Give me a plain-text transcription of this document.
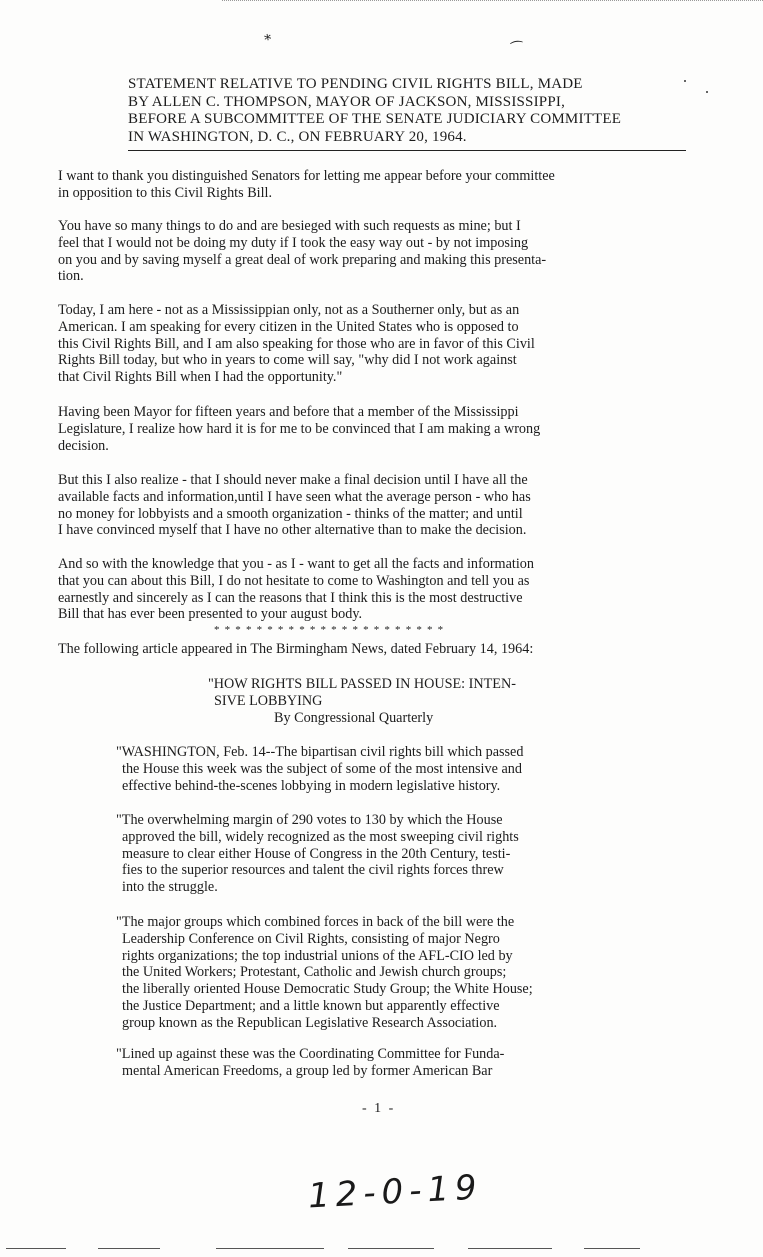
⁎	⁔
STATEMENT RELATIVE TO PENDING CIVIL RIGHTS BILL, MADE
BY ALLEN C. THOMPSON, MAYOR OF JACKSON, MISSISSIPPI,
BEFORE A SUBCOMMITTEE OF THE SENATE JUDICIARY COMMITTEE
IN WASHINGTON, D. C., ON FEBRUARY 20, 1964.
I want to thank you distinguished Senators for letting me appear before your committee
in opposition to this Civil Rights Bill.
You have so many things to do and are besieged with such requests as mine; but I
feel that I would not be doing my duty if I took the easy way out - by not imposing
on you and by saving myself a great deal of work preparing and making this presenta-
tion.
Today, I am here - not as a Mississippian only, not as a Southerner only, but as an
American. I am speaking for every citizen in the United States who is opposed to
this Civil Rights Bill, and I am also speaking for those who are in favor of this Civil
Rights Bill today, but who in years to come will say, "why did I not work against
that Civil Rights Bill when I had the opportunity."
Having been Mayor for fifteen years and before that a member of the Mississippi
Legislature, I realize how hard it is for me to be convinced that I am making a wrong
decision.
But this I also realize - that I should never make a final decision until I have all the
available facts and information,until I have seen what the average person - who has
no money for lobbyists and a smooth organization - thinks of the matter; and until
I have convinced myself that I have no other alternative than to make the decision.
And so with the knowledge that you - as I - want to get all the facts and information
that you can about this Bill, I do not hesitate to come to Washington and tell you as
earnestly and sincerely as I can the reasons that I think this is the most destructive
Bill that has ever been presented to your august body.
* * * * * * * * * * * * * * * * * * * * * *
The following article appeared in The Birmingham News, dated February 14, 1964:
"HOW RIGHTS BILL PASSED IN HOUSE: INTEN-
SIVE LOBBYING
By Congressional Quarterly
"WASHINGTON, Feb. 14--The bipartisan civil rights bill which passed
the House this week was the subject of some of the most intensive and
effective behind-the-scenes lobbying in modern legislative history.
"The overwhelming margin of 290 votes to 130 by which the House
approved the bill, widely recognized as the most sweeping civil rights
measure to clear either House of Congress in the 20th Century, testi-
fies to the superior resources and talent the civil rights forces threw
into the struggle.
"The major groups which combined forces in back of the bill were the
Leadership Conference on Civil Rights, consisting of major Negro
rights organizations; the top industrial unions of the AFL-CIO led by
the United Workers; Protestant, Catholic and Jewish church groups;
the liberally oriented House Democratic Study Group; the White House;
the Justice Department; and a little known but apparently effective
group known as the Republican Legislative Research Association.
"Lined up against these was the Coordinating Committee for Funda-
mental American Freedoms, a group led by former American Bar
- 1 -
12-0-19
